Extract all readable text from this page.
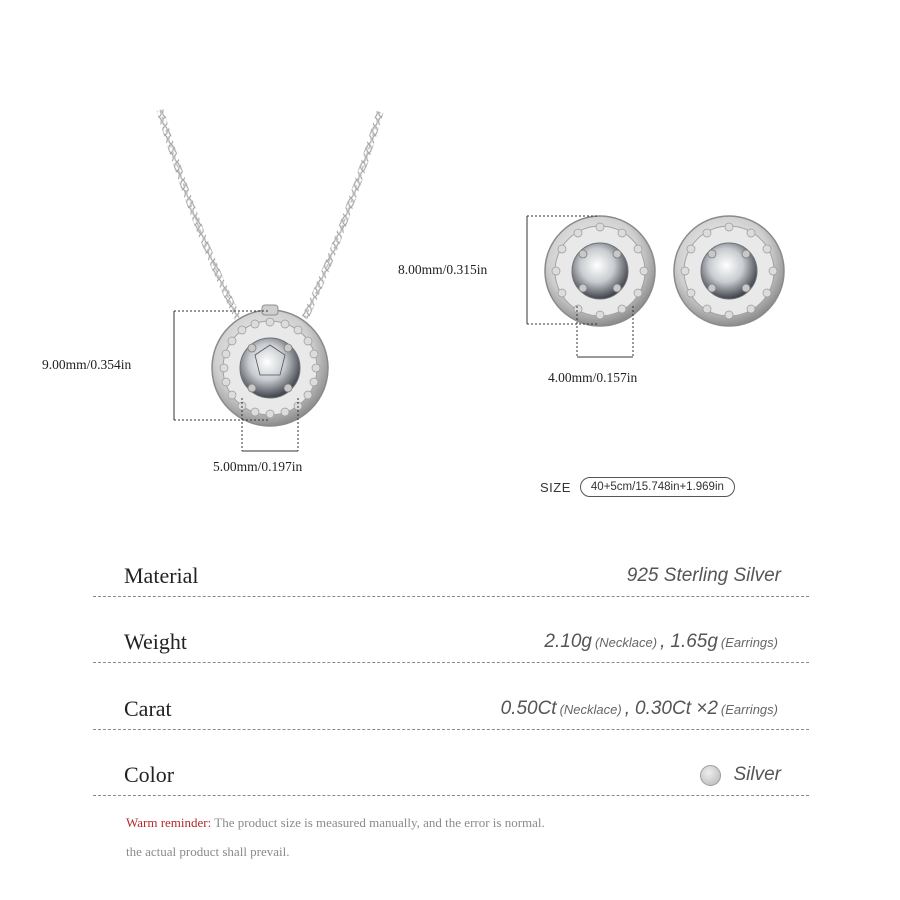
9.00mm/0.354in
5.00mm/0.197in
8.00mm/0.315in
4.00mm/0.157in
SIZE	40+5cm/15.748in+1.969in
Material	925 Sterling Silver
Weight	2.10g (Necklace) , 1.65g (Earrings)
Carat	0.50Ct (Necklace) , 0.30Ct ×2 (Earrings)
Color	Silver
Warm reminder: The product size is measured manually, and the error is normal.
the actual product shall prevail.
